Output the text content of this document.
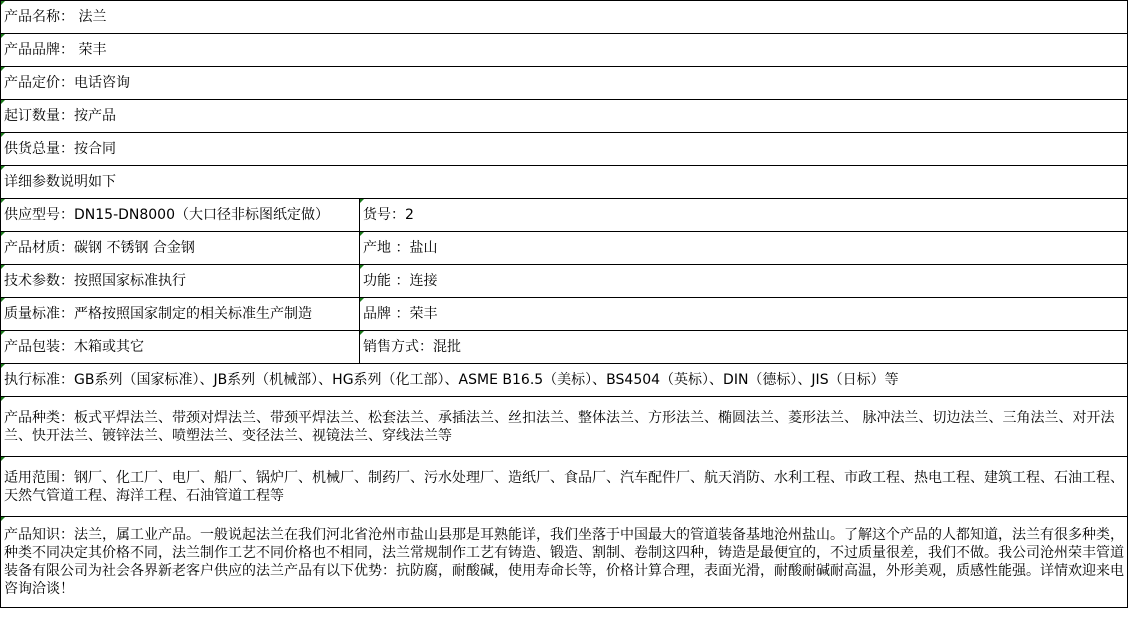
产品名称： 法兰	

产品品牌： 荣丰	

产品定价：电话咨询	

起订数量：按产品	

供货总量：按合同	

详细参数说明如下	

供应型号：DN15-DN8000（大口径非标图纸定做）	货号：2

产品材质：碳钢 不锈钢 合金钢	产地 ：盐山

技术参数：按照国家标准执行	功能 ：连接

质量标准：严格按照国家制定的相关标准生产制造	品牌 ：荣丰

产品包装：木箱或其它	销售方式：混批

执行标准：GB系列（国家标准）、JB系列（机械部）、HG系列（化工部）、ASME B16.5（美标）、BS4504（英标）、DIN（德标）、JIS（日标）等	

产品种类：板式平焊法兰、带颈对焊法兰、带颈平焊法兰、松套法兰、承插法兰、丝扣法兰、整体法兰、方形法兰、椭圆法兰、菱形法兰、 脉冲法兰、切边法兰、三角法兰、对开法兰、快开法兰、镀锌法兰、喷塑法兰、变径法兰、视镜法兰、穿线法兰等	

适用范围：钢厂、化工厂、电厂、船厂、锅炉厂、机械厂、制药厂、污水处理厂、造纸厂、食品厂、汽车配件厂、航天消防、水利工程、市政工程、热电工程、建筑工程、石油工程、天然气管道工程、海洋工程、石油管道工程等	

产品知识：法兰，属工业产品。一般说起法兰在我们河北省沧州市盐山县那是耳熟能详，我们坐落于中国最大的管道装备基地沧州盐山。了解这个产品的人都知道，法兰有很多种类，种类不同决定其价格不同，法兰制作工艺不同价格也不相同，法兰常规制作工艺有铸造、锻造、割制、卷制这四种，铸造是最便宜的，不过质量很差，我们不做。我公司沧州荣丰管道装备有限公司为社会各界新老客户供应的法兰产品有以下优势：抗防腐，耐酸碱，使用寿命长等，价格计算合理，表面光滑，耐酸耐碱耐高温，外形美观，质感性能强。详情欢迎来电咨询洽谈！	
